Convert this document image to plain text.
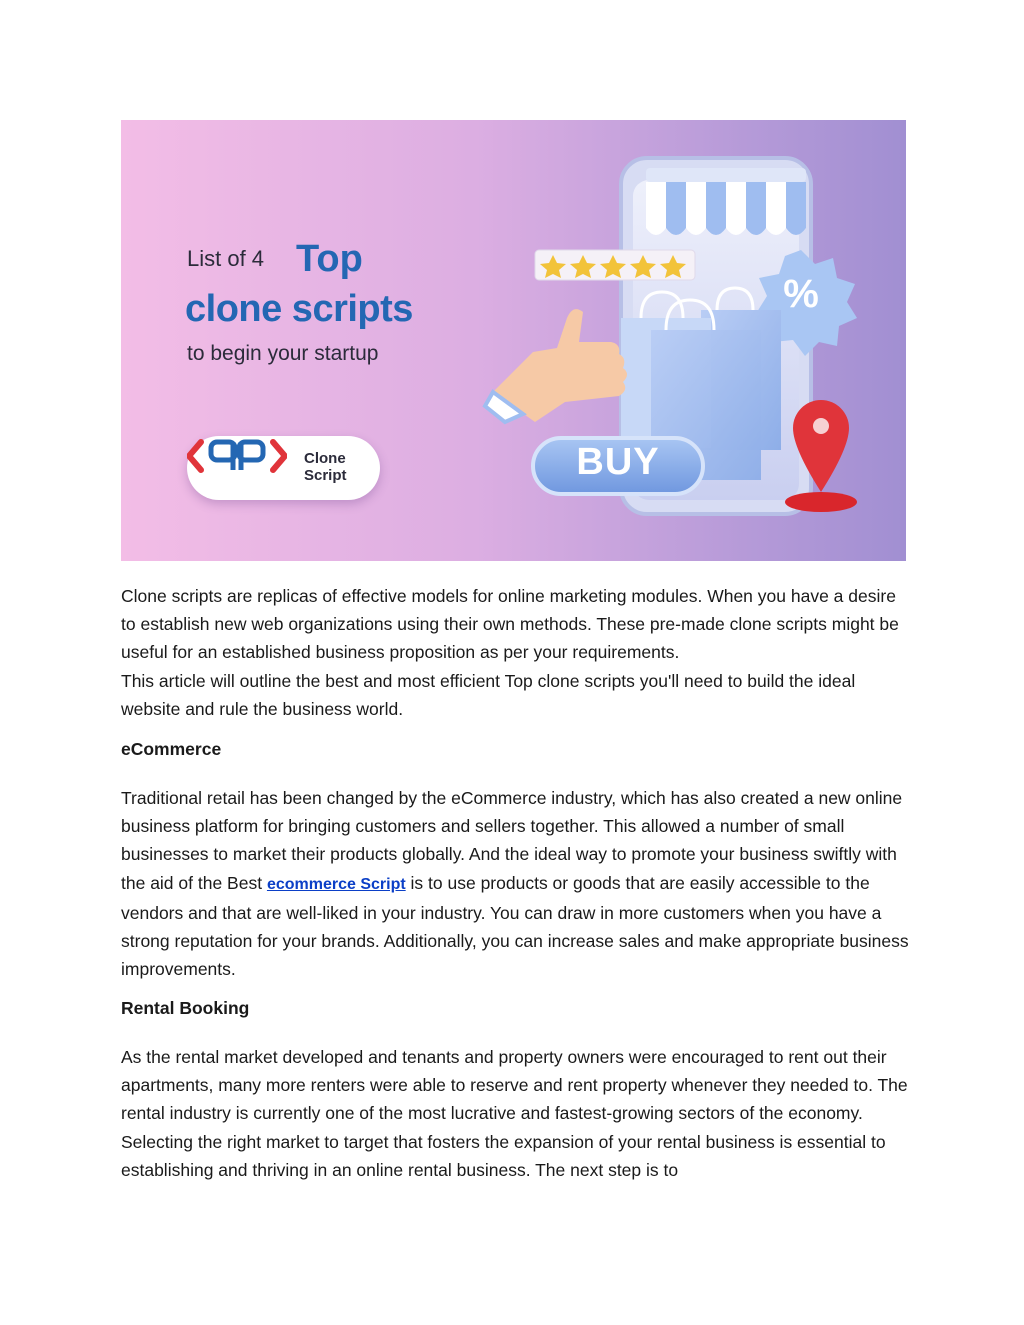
List of 4 Top
clone scripts
to begin your startup
Clone
Script	BUY
%

Clone scripts are replicas of effective models for online marketing modules. When you have a desire to establish new web organizations using their own methods. These pre-made clone scripts might be useful for an established business proposition as per your requirements.

This article will outline the best and most efficient Top clone scripts you'll need to build the ideal website and rule the business world.

eCommerce

Traditional retail has been changed by the eCommerce industry, which has also created a new online business platform for bringing customers and sellers together. This allowed a number of small businesses to market their products globally. And the ideal way to promote your business swiftly with the aid of the Best ecommerce Script is to use products or goods that are easily accessible to the vendors and that are well-liked in your industry. You can draw in more customers when you have a strong reputation for your brands. Additionally, you can increase sales and make appropriate business improvements.

Rental Booking

As the rental market developed and tenants and property owners were encouraged to rent out their apartments, many more renters were able to reserve and rent property whenever they needed to. The rental industry is currently one of the most lucrative and fastest-growing sectors of the economy. Selecting the right market to target that fosters the expansion of your rental business is essential to establishing and thriving in an online rental business. The next step is to
